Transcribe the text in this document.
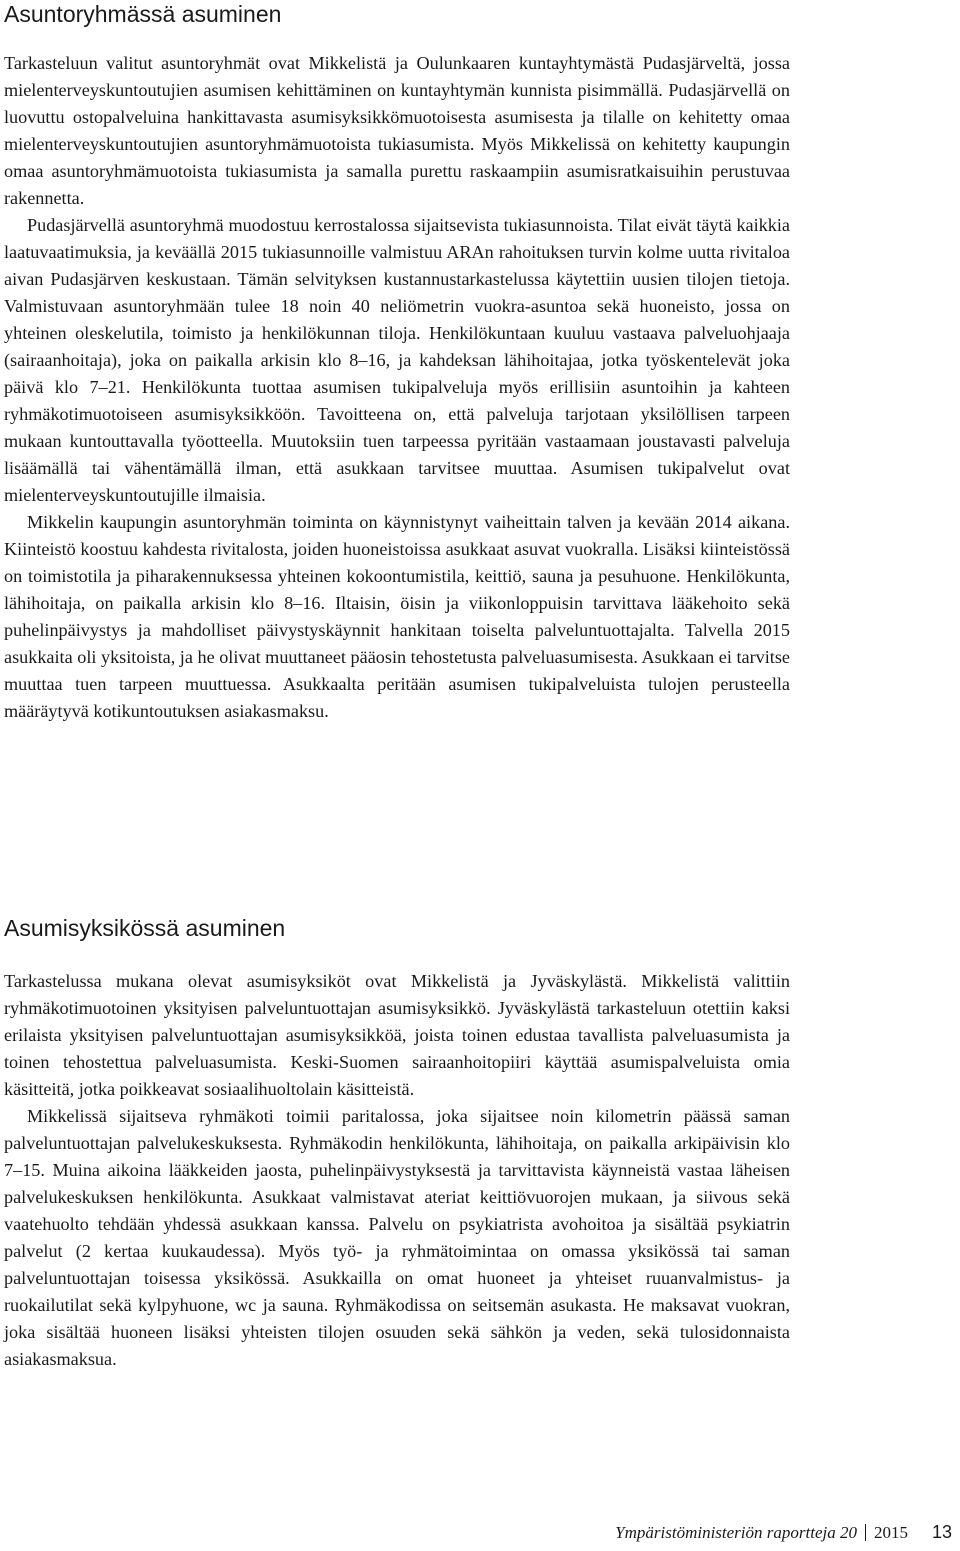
Asuntoryhmässä asuminen

Tarkasteluun valitut asuntoryhmät ovat Mikkelistä ja Oulunkaaren kuntayhtymästä Pudasjärveltä, jossa mielenterveyskuntoutujien asumisen kehittäminen on kuntayhtymän kunnista pisimmällä. Pudasjärvellä on luovuttu ostopalveluina hankittavasta asumisyksikkömuotoisesta asumisesta ja tilalle on kehitetty omaa mielenterveyskuntoutujien asuntoryhmämuotoista tukiasumista. Myös Mikkelissä on kehitetty kaupungin omaa asuntoryhmämuotoista tukiasumista ja samalla purettu raskaampiin asumisratkaisuihin perustuvaa rakennetta.

Pudasjärvellä asuntoryhmä muodostuu kerrostalossa sijaitsevista tukiasunnoista. Tilat eivät täytä kaikkia laatuvaatimuksia, ja keväällä 2015 tukiasunnoille valmistuu ARAn rahoituksen turvin kolme uutta rivitaloa aivan Pudasjärven keskustaan. Tämän selvityksen kustannustarkastelussa käytettiin uusien tilojen tietoja. Valmistuvaan asuntoryhmään tulee 18 noin 40 neliömetrin vuokra-asuntoa sekä huoneisto, jossa on yhteinen oleskelutila, toimisto ja henkilökunnan tiloja. Henkilökuntaan kuuluu vastaava palveluohjaaja (sairaanhoitaja), joka on paikalla arkisin klo 8–16, ja kahdeksan lähihoitajaa, jotka työskentelevät joka päivä klo 7–21. Henkilökunta tuottaa asumisen tukipalveluja myös erillisiin asuntoihin ja kahteen ryhmäkotimuotoiseen asumisyksikköön. Tavoitteena on, että palveluja tarjotaan yksilöllisen tarpeen mukaan kuntouttavalla työotteella. Muutoksiin tuen tarpeessa pyritään vastaamaan joustavasti palveluja lisäämällä tai vähentämällä ilman, että asukkaan tarvitsee muuttaa. Asumisen tukipalvelut ovat mielenterveyskuntoutujille ilmaisia.

Mikkelin kaupungin asuntoryhmän toiminta on käynnistynyt vaiheittain talven ja kevään 2014 aikana. Kiinteistö koostuu kahdesta rivitalosta, joiden huoneistoissa asukkaat asuvat vuokralla. Lisäksi kiinteistössä on toimistotila ja piharakennuksessa yhteinen kokoontumistila, keittiö, sauna ja pesuhuone. Henkilökunta, lähihoitaja, on paikalla arkisin klo 8–16. Iltaisin, öisin ja viikonloppuisin tarvittava lääkehoito sekä puhelinpäivystys ja mahdolliset päivystyskäynnit hankitaan toiselta palveluntuottajalta. Talvella 2015 asukkaita oli yksitoista, ja he olivat muuttaneet pääosin tehostetusta palveluasumisesta. Asukkaan ei tarvitse muuttaa tuen tarpeen muuttuessa. Asukkaalta peritään asumisen tukipalveluista tulojen perusteella määräytyvä kotikuntoutuksen asiakasmaksu.

Asumisyksikössä asuminen

Tarkastelussa mukana olevat asumisyksiköt ovat Mikkelistä ja Jyväskylästä. Mikkelistä valittiin ryhmäkotimuotoinen yksityisen palveluntuottajan asumisyksikkö. Jyväskylästä tarkasteluun otettiin kaksi erilaista yksityisen palveluntuottajan asumisyksikköä, joista toinen edustaa tavallista palveluasumista ja toinen tehostettua palveluasumista. Keski-Suomen sairaanhoitopiiri käyttää asumispalveluista omia käsitteitä, jotka poikkeavat sosiaalihuoltolain käsitteistä.

Mikkelissä sijaitseva ryhmäkoti toimii paritalossa, joka sijaitsee noin kilometrin päässä saman palveluntuottajan palvelukeskuksesta. Ryhmäkodin henkilökunta, lähihoitaja, on paikalla arkipäivisin klo 7–15. Muina aikoina lääkkeiden jaosta, puhelinpäivystyksestä ja tarvittavista käynneistä vastaa läheisen palvelukeskuksen henkilökunta. Asukkaat valmistavat ateriat keittiövuorojen mukaan, ja siivous sekä vaatehuolto tehdään yhdessä asukkaan kanssa. Palvelu on psykiatrista avohoitoa ja sisältää psykiatrin palvelut (2 kertaa kuukaudessa). Myös työ- ja ryhmätoimintaa on omassa yksikössä tai saman palveluntuottajan toisessa yksikössä. Asukkailla on omat huoneet ja yhteiset ruuanvalmistus- ja ruokailutilat sekä kylpyhuone, wc ja sauna. Ryhmäkodissa on seitsemän asukasta. He maksavat vuokran, joka sisältää huoneen lisäksi yhteisten tilojen osuuden sekä sähkön ja veden, sekä tulosidonnaista asiakasmaksua.

Ympäristöministeriön raportteja 20 2015 13
